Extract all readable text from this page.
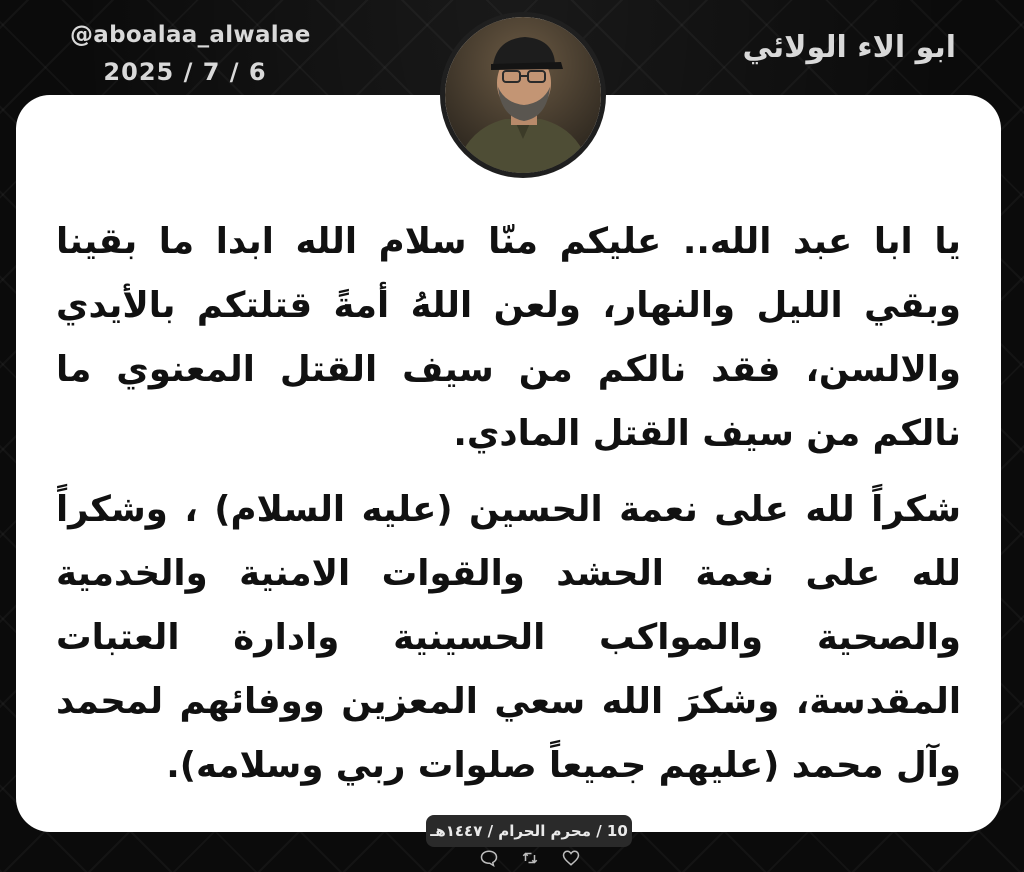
@aboalaa_alwalae
2025 / 7 / 6
ابو الاء الولائي

يا ابا عبد الله.. عليكم منّا سلام الله ابدا ما بقينا وبقي الليل والنهار، ولعن اللهُ أمةً قتلتكم بالأيدي والالسن، فقد نالكم من سيف القتل المعنوي ما نالكم من سيف القتل المادي.

شكراً لله على نعمة الحسين (عليه السلام) ، وشكراً لله على نعمة الحشد والقوات الامنية والخدمية والصحية والمواكب الحسينية وادارة العتبات المقدسة، وشكرَ الله سعي المعزين ووفائهم لمحمد وآل محمد (عليهم جميعاً صلوات ربي وسلامه).

10 / محرم الحرام / ١٤٤٧هـ
